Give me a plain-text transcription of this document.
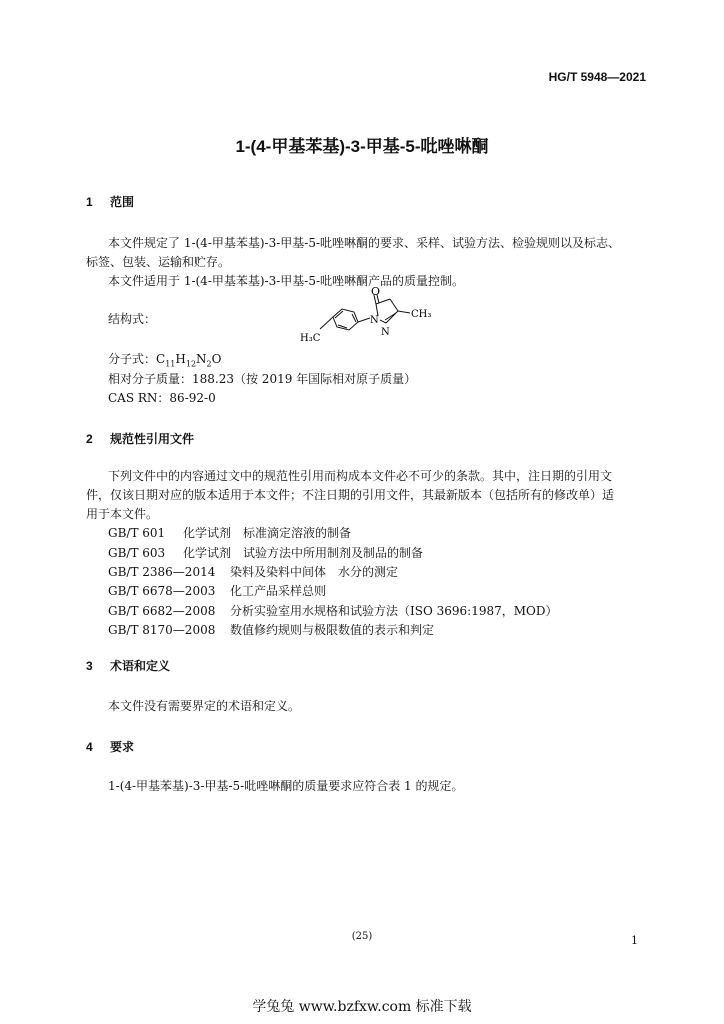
HG/T 5948—2021
1-(4-甲基苯基)-3-甲基-5-吡唑啉酮
1 范围
本文件规定了 1-(4-甲基苯基)-3-甲基-5-吡唑啉酮的要求、采样、试验方法、检验规则以及标志、
标签、包装、运输和贮存。
本文件适用于 1-(4-甲基苯基)-3-甲基-5-吡唑啉酮产品的质量控制。
结构式：
O
N
N
CH₃
H₃C
分子式：$C_{11}H_{12}N_2O$
相对分子质量：188.23（按 2019 年国际相对原子质量）
CAS RN：86-92-0
2 规范性引用文件
下列文件中的内容通过文中的规范性引用而构成本文件必不可少的条款。其中，注日期的引用文
件，仅该日期对应的版本适用于本文件；不注日期的引用文件，其最新版本（包括所有的修改单）适
用于本文件。
GB/T 601 化学试剂　标准滴定溶液的制备
GB/T 603 化学试剂　试验方法中所用制剂及制品的制备
GB/T 2386—2014 染料及染料中间体　水分的测定
GB/T 6678—2003 化工产品采样总则
GB/T 6682—2008 分析实验室用水规格和试验方法（ISO 3696:1987，MOD）
GB/T 8170—2008 数值修约规则与极限数值的表示和判定
3 术语和定义
本文件没有需要界定的术语和定义。
4 要求
1-(4-甲基苯基)-3-甲基-5-吡唑啉酮的质量要求应符合表 1 的规定。
(25)	1
学兔兔 www.bzfxw.com 标准下载
